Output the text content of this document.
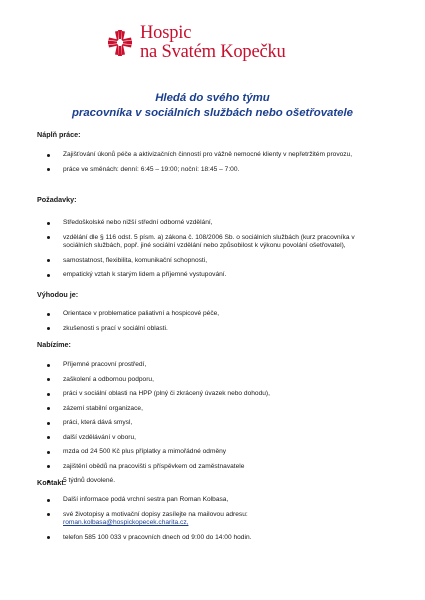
Hospic
na Svatém Kopečku
Hledá do svého týmu
pracovníka v sociálních službách nebo ošetřovatele
Náplň práce:
Zajišťování úkonů péče a aktivizačních činností pro vážně nemocné klienty v nepřetržitém provozu,
práce ve směnách: denní: 6:45 – 19:00; noční: 18:45 – 7:00.
Požadavky:
Středoškolské nebo nižší střední odborné vzdělání,
vzdělání dle § 116 odst. 5 písm. a) zákona č. 108/2006 Sb. o sociálních službách (kurz pracovníka v sociálních službách, popř. jiné sociální vzdělání nebo způsobilost k výkonu povolání ošetřovatel),
samostatnost, flexibilita, komunikační schopnosti,
empatický vztah k starým lidem a příjemné vystupování.
Výhodou je:
Orientace v problematice paliativní a hospicové péče,
zkušenosti s prací v sociální oblasti.
Nabízíme:
Příjemné pracovní prostředí,
zaškolení a odbornou podporu,
práci v sociální oblasti na HPP (plný či zkrácený úvazek nebo dohodu),
zázemí stabilní organizace,
práci, která dává smysl,
další vzdělávání v oboru,
mzda od 24 500 Kč plus příplatky a mimořádné odměny
zajištění obědů na pracovišti s příspěvkem od zaměstnavatele
5 týdnů dovolené.
Kontakt:
Další informace podá vrchní sestra pan Roman Kolbasa,
své životopisy a motivační dopisy zasílejte na mailovou adresu:
roman.kolbasa@hospickopecek.charita.cz,
telefon 585 100 033 v pracovních dnech od 9:00 do 14:00 hodin.
